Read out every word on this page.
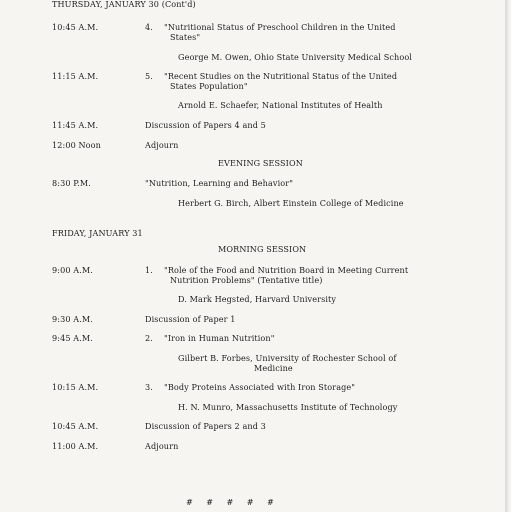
THURSDAY, JANUARY 30 (Cont'd)
10:45 A.M.	4. "Nutritional Status of Preschool Children in the United
States"
George M. Owen, Ohio State University Medical School
11:15 A.M.	5. "Recent Studies on the Nutritional Status of the United
States Population"
Arnold E. Schaefer, National Institutes of Health
11:45 A.M.	Discussion of Papers 4 and 5
12:00 Noon	Adjourn
EVENING SESSION
8:30 P.M.	"Nutrition, Learning and Behavior"
Herbert G. Birch, Albert Einstein College of Medicine
FRIDAY, JANUARY 31
MORNING SESSION
9:00 A.M.	1. "Role of the Food and Nutrition Board in Meeting Current
Nutrition Problems" (Tentative title)
D. Mark Hegsted, Harvard University
9:30 A.M.	Discussion of Paper 1
9:45 A.M.	2. "Iron in Human Nutrition"
Gilbert B. Forbes, University of Rochester School of
Medicine
10:15 A.M.	3. "Body Proteins Associated with Iron Storage"
H. N. Munro, Massachusetts Institute of Technology
10:45 A.M.	Discussion of Papers 2 and 3
11:00 A.M.	Adjourn
#     #     #     #     #
